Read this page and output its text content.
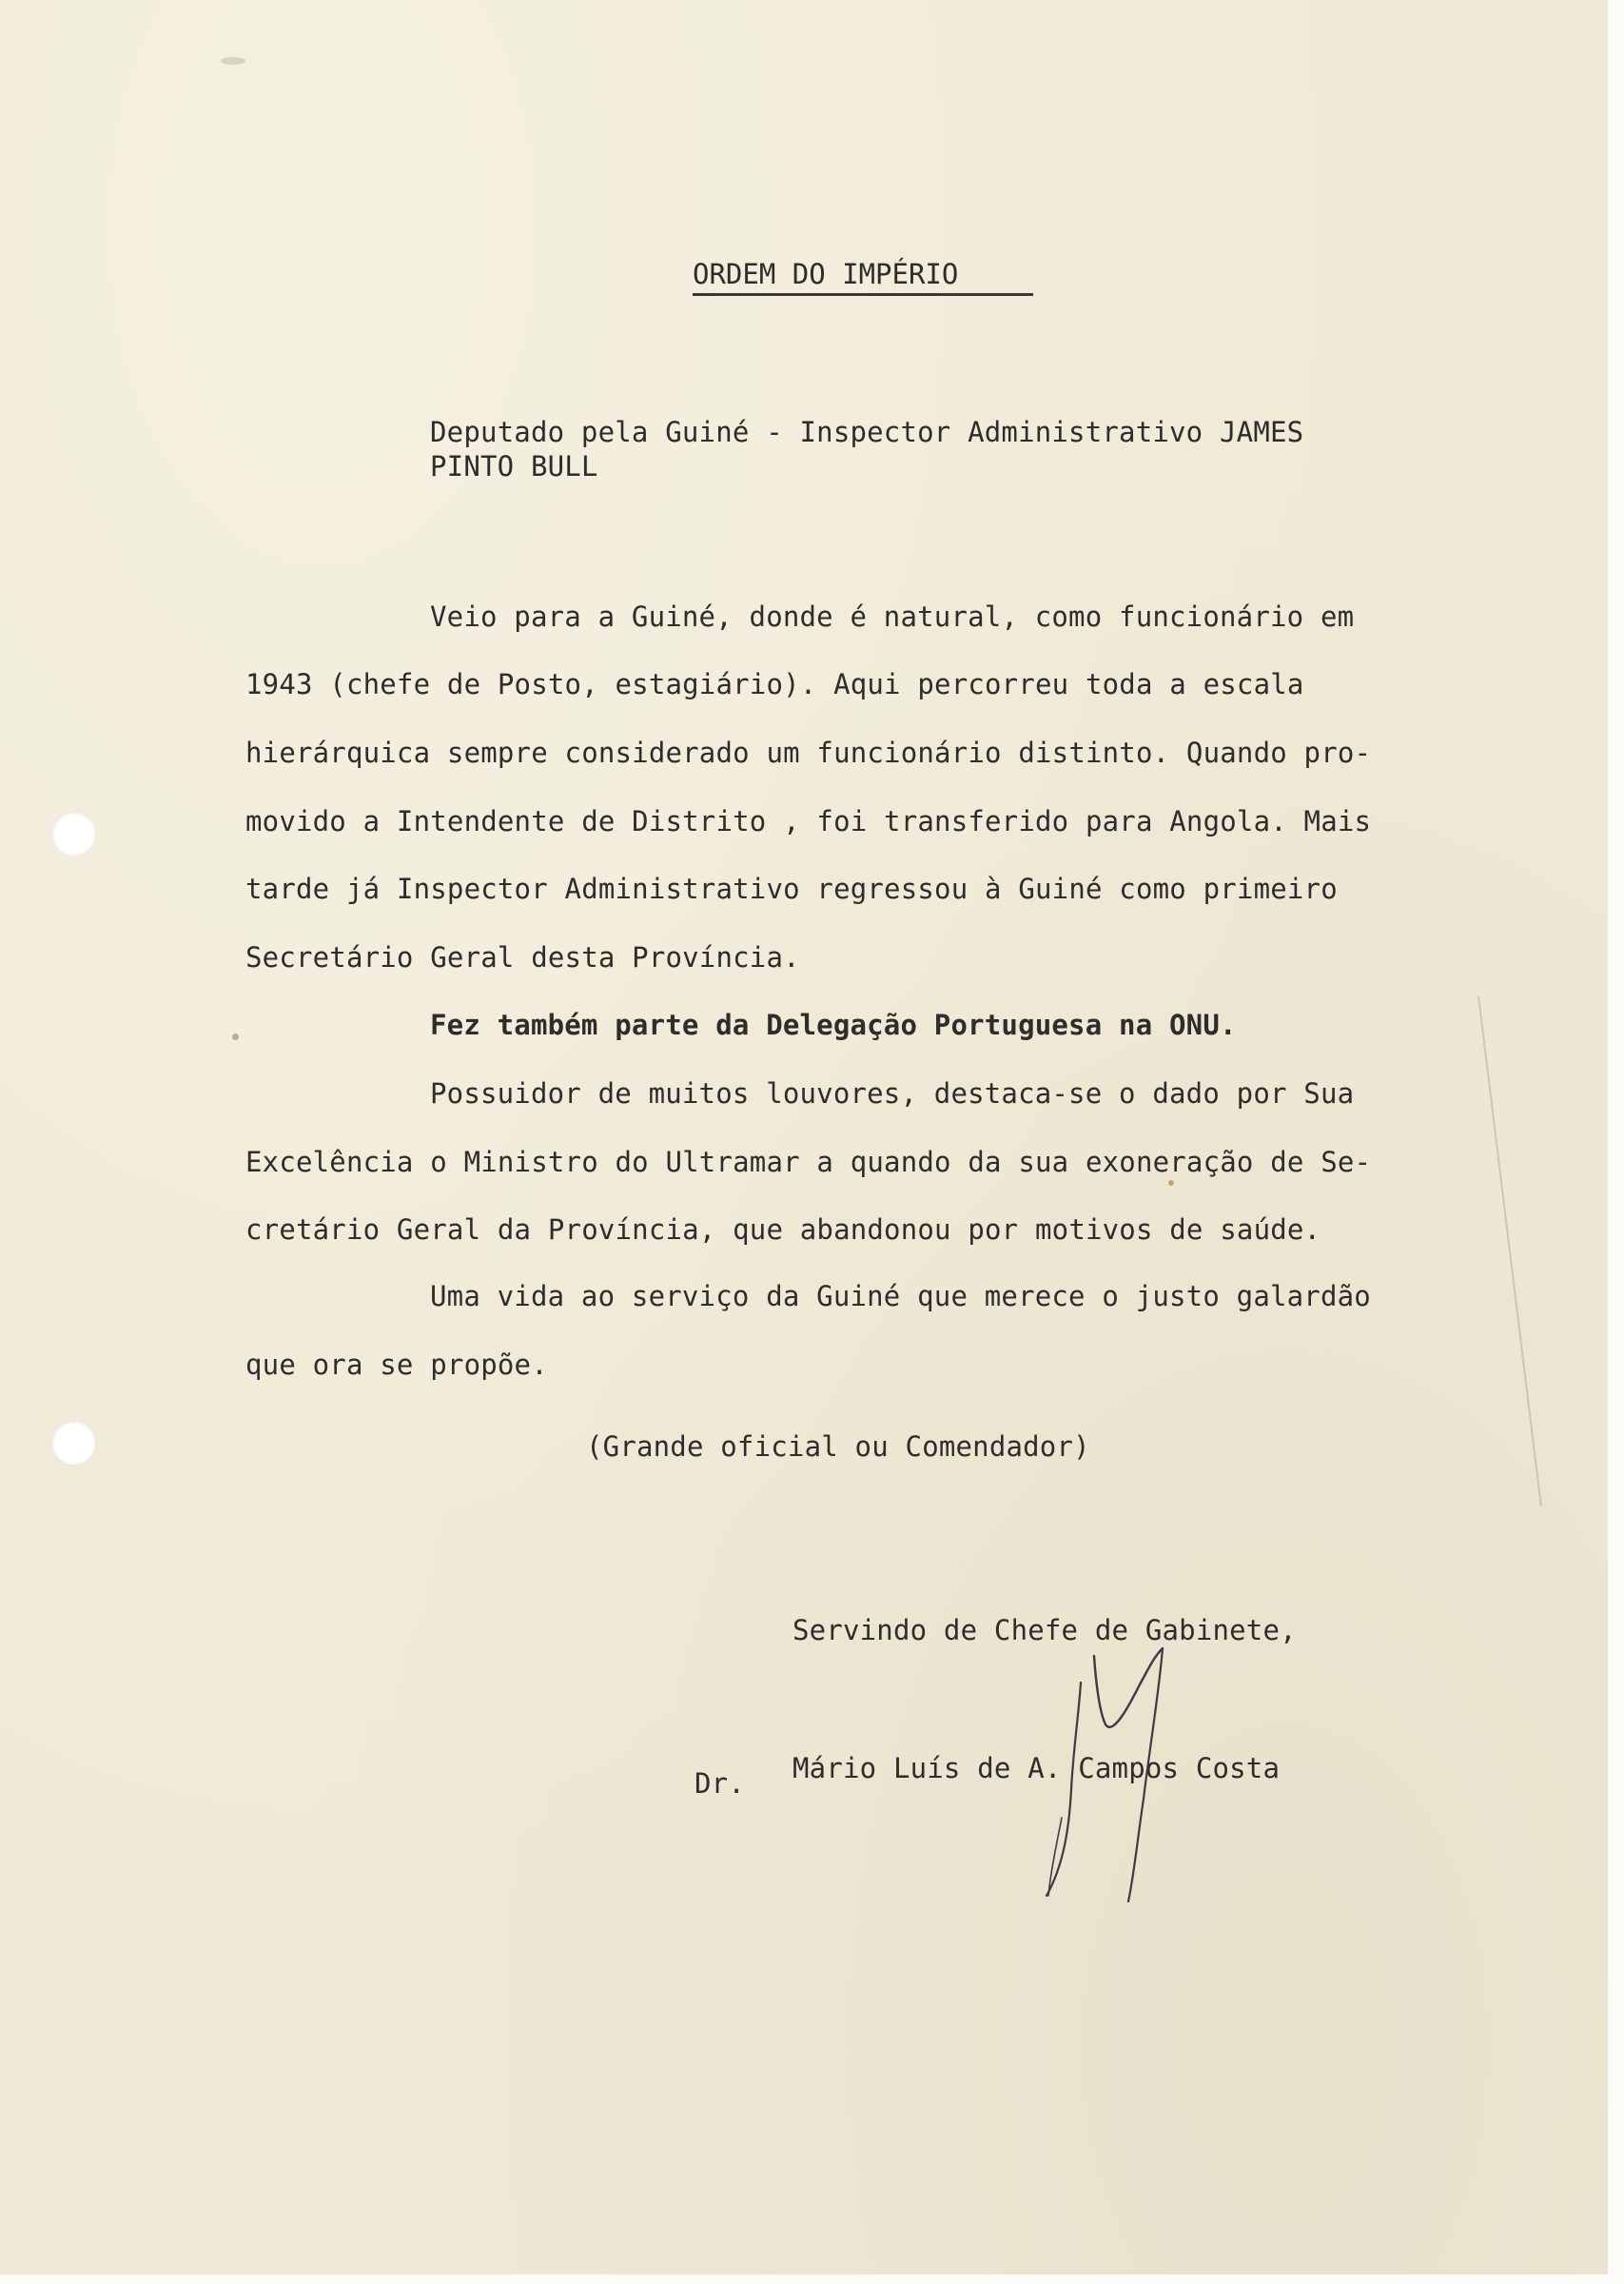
ORDEM DO IMPÉRIO
Deputado pela Guiné - Inspector Administrativo JAMES
PINTO BULL
Veio para a Guiné, donde é natural, como funcionário em
1943 (chefe de Posto, estagiário). Aqui percorreu toda a escala
hierárquica sempre considerado um funcionário distinto. Quando pro-
movido a Intendente de Distrito , foi transferido para Angola. Mais
tarde já Inspector Administrativo regressou à Guiné como primeiro
Secretário Geral desta Província.
Fez também parte da Delegação Portuguesa na ONU.
Possuidor de muitos louvores, destaca-se o dado por Sua
Excelência o Ministro do Ultramar a quando da sua exoneração de Se-
cretário Geral da Província, que abandonou por motivos de saúde.
Uma vida ao serviço da Guiné que merece o justo galardão
que ora se propõe.
(Grande oficial ou Comendador)
Servindo de Chefe de Gabinete,
Dr. Mário Luís de A. Campos Costa
